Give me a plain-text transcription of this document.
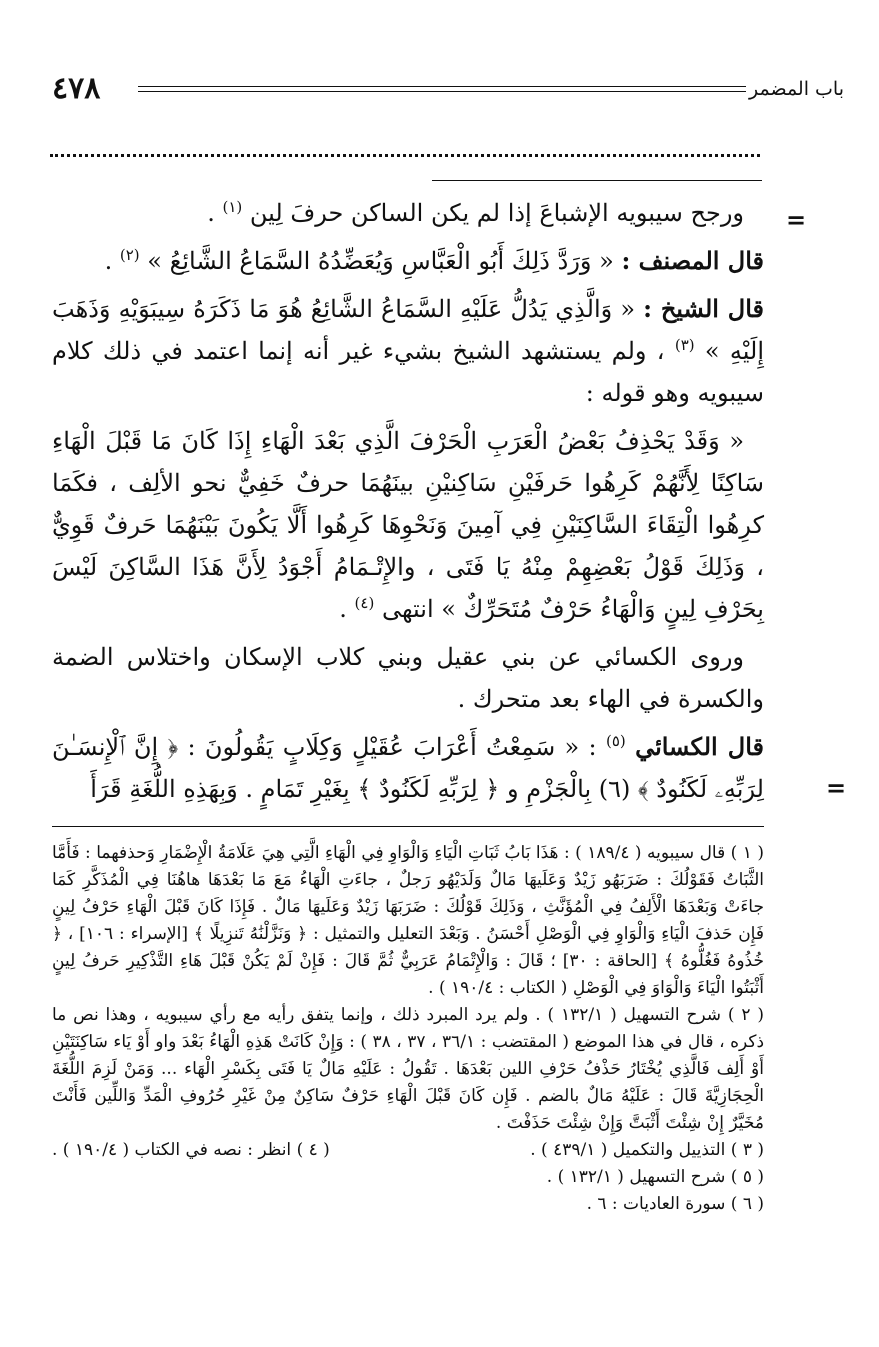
٤٧٨	باب المضمر
=
=

ورجح سيبويه الإشباعَ إذا لم يكن الساكن حرفَ لِين $^{(١)}$ .

قال المصنف : « وَرَدَّ ذَلِكَ أَبُو الْعَبَّاسِ وَيُعَضِّدُهُ السَّمَاعُ الشَّائِعُ » $^{(٢)}$ .

قال الشيخ : « وَالَّذِي يَدُلُّ عَلَيْهِ السَّمَاعُ الشَّائِعُ هُوَ مَا ذَكَرَهُ سِيبَوَيْهِ وَذَهَبَ إِلَيْهِ » $^{(٣)}$ ، ولم يستشهد الشيخ بشيء غير أنه إنما اعتمد في ذلك كلام سيبويه وهو قوله :

« وَقَدْ يَحْذِفُ بَعْضُ الْعَرَبِ الْحَرْفَ الَّذِي بَعْدَ الْهَاءِ إِذَا كَانَ مَا قَبْلَ الْهَاءِ سَاكِنًا لِأَنَّهُمْ كَرِهُوا حَرفَيْنِ سَاكِنيْنِ بينَهُمَا حرفٌ خَفِيٌّ نحو الألِف ، فكَمَا كرِهُوا الْتِقَاءَ السَّاكِنَيْنِ فِي آمِينَ وَنَحْوِهَا كَرِهُوا أَلَّا يَكُونَ بَيْنَهُمَا حَرفٌ قَوِيٌّ ، وَذَلِكَ قَوْلُ بَعْضِهِمْ مِنْهُ يَا فَتَى ، والإِتْـمَامُ أَجْوَدُ لِأَنَّ هَذَا السَّاكِنَ لَيْسَ بِحَرْفِ لِينٍ وَالْهَاءُ حَرْفٌ مُتَحَرِّكٌ » انتهى $^{(٤)}$ .

وروى الكسائي عن بني عقيل وبني كلاب الإسكان واختلاس الضمة والكسرة في الهاء بعد متحرك .

قال الكسائي $^{(٥)}$ : « سَمِعْتُ أَعْرَابَ عُقَيْلٍ وَكِلَابٍ يَقُولُونَ : ﴿ إِنَّ ٱلْإِنسَـٰنَ لِرَبِّهِۦ لَكَنُودٌ ﴾ (٦) بِالْجَزْمِ و ﴿ لِرَبِّهِ لَكَنُودٌ ﴾ بِغَيْرِ تَمَامٍ . وَبِهَذِهِ اللُّغَةِ قَرَأَ

( ١ ) قال سيبويه ( ١٨٩/٤ ) : هَذَا بَابُ ثَبَاتِ الْيَاءِ وَالْوَاوِ فِي الْهَاءِ الَّتِي هِيَ عَلَامَةُ الْإِضْمَارِ وَحذفهما : فَأَمَّا الثَّبَاتُ فَقَوْلُكَ : ضَرَبَهُو زَيْدٌ وَعَلَيهَا مَالٌ وَلَدَيْهُو رَجلٌ ، جاءَتِ الْهَاءُ مَعَ مَا بَعْدَهَا هاهُنَا فِي الْمُذَكَّرِ كَمَا جاءَتْ وَبَعْدَهَا الْأَلِفُ فِي الْمُؤَنَّثِ ، وَذَلِكَ قَوْلُكَ : ضَرَبَهَا زَيْدٌ وَعَلَيهَا مَالٌ . فَإِذَا كَانَ قَبْلَ الْهَاءِ حَرْفُ لِينٍ فَإِن حَذفَ الْيَاءِ وَالْوَاوِ فِي الْوَصْلِ أَحْسَنُ . وَبَعْدَ التعليل والتمثيل : ﴿ وَنَزَّلْنَٰهُ تَنزِيلًا ﴾ [الإسراء : ١٠٦] ، ﴿ خُذُوهُ فَغُلُّوهُ ﴾ [الحاقة : ٣٠] ؛ قَالَ : وَالْإِتْمَامُ عَرَبِيٌّ ثُمَّ قَالَ : فَإِنْ لَمْ يَكُنْ قَبْلَ هَاءِ التَّذْكِيرِ حَرفُ لِينٍ أَثْبَتُوا الْيَاءَ وَالْوَاوَ فِي الْوَصْلِ ( الكتاب : ١٩٠/٤ ) .

( ٢ ) شرح التسهيل ( ١٣٢/١ ) . ولم يرد المبرد ذلك ، وإنما يتفق رأيه مع رأي سيبويه ، وهذا نص ما ذكره ، قال في هذا الموضع ( المقتضب : ٣٦/١ ، ٣٧ ، ٣٨ ) : وَإِنْ كَانَتْ هَذِهِ الْهَاءُ بَعْدَ واو أَوْ يَاء سَاكِنَتَيْنِ أَوْ أَلِف فَالَّذِي يُخْتَارُ حَذْفُ حَرْفِ اللين بَعْدَهَا . تَقُولُ : عَلَيْهِ مَالٌ يَا فَتَى بِكَسْرِ الْهَاء ... وَمَنْ لَزِمَ اللُّغَةَ الْحِجَازِيَّةَ قَالَ : عَلَيْهُ مَالٌ بالضم . فَإِن كَانَ قَبْلَ الْهَاءِ حَرْفٌ سَاكِنٌ مِنْ غَيْرِ حُرُوفِ الْمَدِّ وَاللِّين فَأَنْتَ مُخَيَّرٌ إِنْ شِئْتَ أَثْبَتَّ وَإِنْ شِئْتَ حَذَفْتَ .

( ٣ ) التذييل والتكميل ( ٤٣٩/١ ) .
( ٤ ) انظر : نصه في الكتاب ( ١٩٠/٤ ) .

( ٥ ) شرح التسهيل ( ١٣٢/١ ) .

( ٦ ) سورة العاديات : ٦ .
